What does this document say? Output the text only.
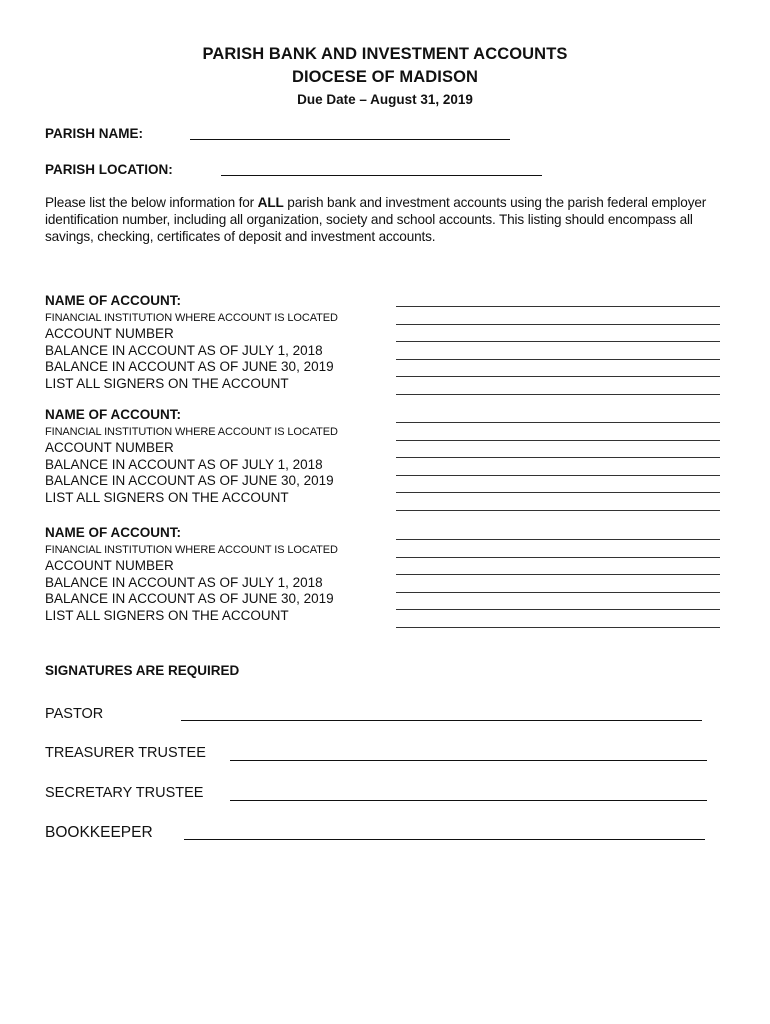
PARISH BANK AND INVESTMENT ACCOUNTS
DIOCESE OF MADISON
Due Date – August 31, 2019
PARISH NAME:
PARISH LOCATION:
Please list the below information for ALL parish bank and investment accounts using the parish federal employer identification number, including all organization, society and school accounts. This listing should encompass all savings, checking, certificates of deposit and investment accounts.
NAME OF ACCOUNT:
FINANCIAL INSTITUTION WHERE ACCOUNT IS LOCATED
ACCOUNT NUMBER
BALANCE IN ACCOUNT AS OF JULY 1, 2018
BALANCE IN ACCOUNT AS OF JUNE 30, 2019
LIST ALL SIGNERS ON THE ACCOUNT
NAME OF ACCOUNT:
FINANCIAL INSTITUTION WHERE ACCOUNT IS LOCATED
ACCOUNT NUMBER
BALANCE IN ACCOUNT AS OF JULY 1, 2018
BALANCE IN ACCOUNT AS OF JUNE 30, 2019
LIST ALL SIGNERS ON THE ACCOUNT
NAME OF ACCOUNT:
FINANCIAL INSTITUTION WHERE ACCOUNT IS LOCATED
ACCOUNT NUMBER
BALANCE IN ACCOUNT AS OF JULY 1, 2018
BALANCE IN ACCOUNT AS OF JUNE 30, 2019
LIST ALL SIGNERS ON THE ACCOUNT
SIGNATURES ARE REQUIRED
PASTOR
TREASURER TRUSTEE
SECRETARY TRUSTEE
BOOKKEEPER
